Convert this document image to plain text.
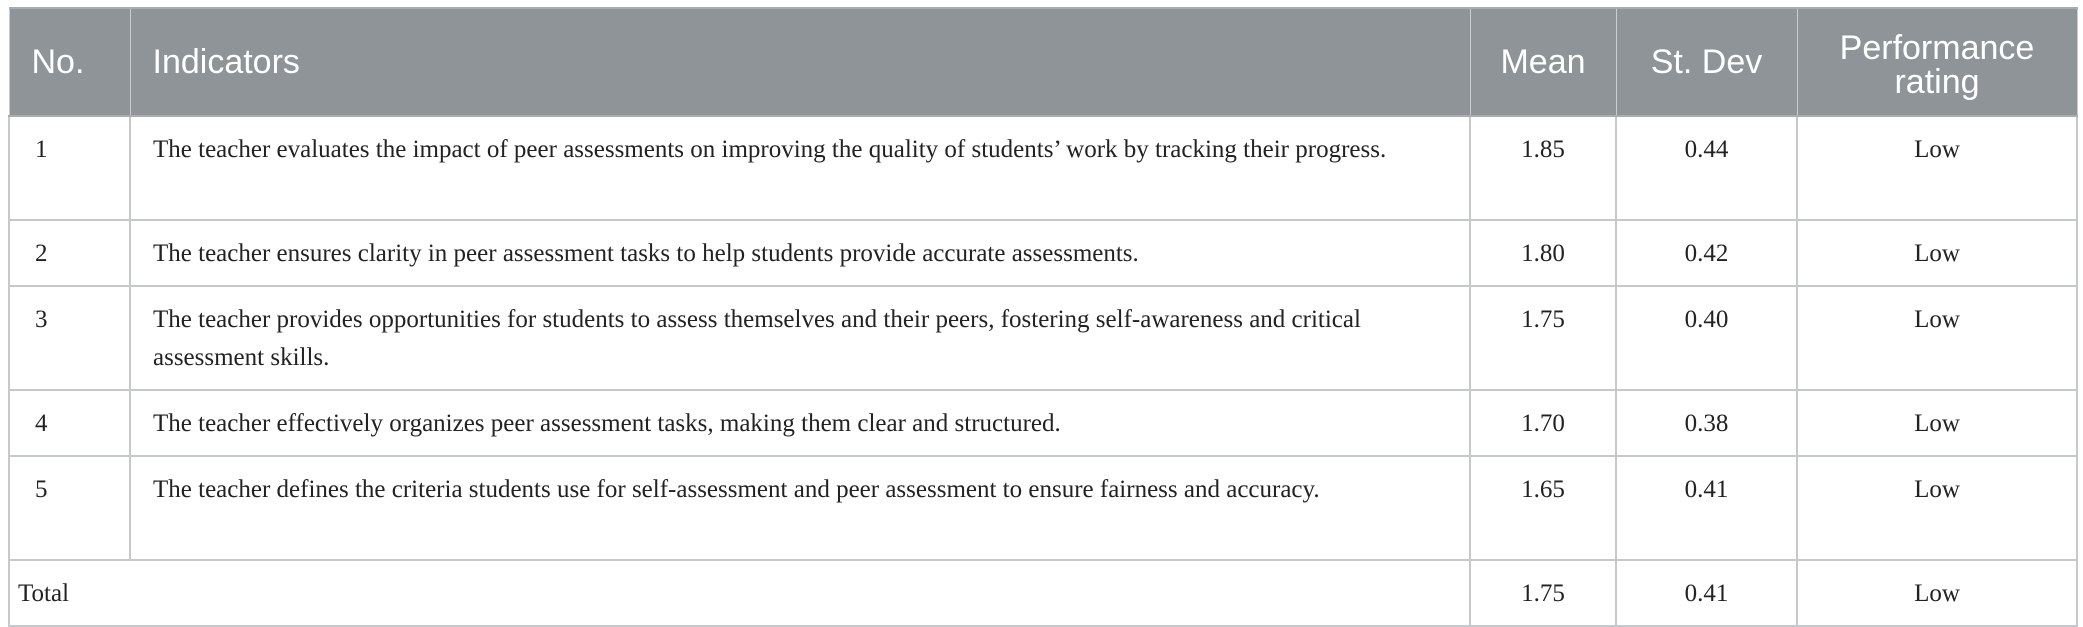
No.	Indicators	Mean	St. Dev	Performance rating
1	The teacher evaluates the impact of peer assessments on improving the quality of students’ work by tracking their progress.	1.85	0.44	Low
2	The teacher ensures clarity in peer assessment tasks to help students provide accurate assessments.	1.80	0.42	Low
3	The teacher provides opportunities for students to assess themselves and their peers, fostering self-awareness and critical assessment skills.	1.75	0.40	Low
4	The teacher effectively organizes peer assessment tasks, making them clear and structured.	1.70	0.38	Low
5	The teacher defines the criteria students use for self-assessment and peer assessment to ensure fairness and accuracy.	1.65	0.41	Low
Total		1.75	0.41	Low
